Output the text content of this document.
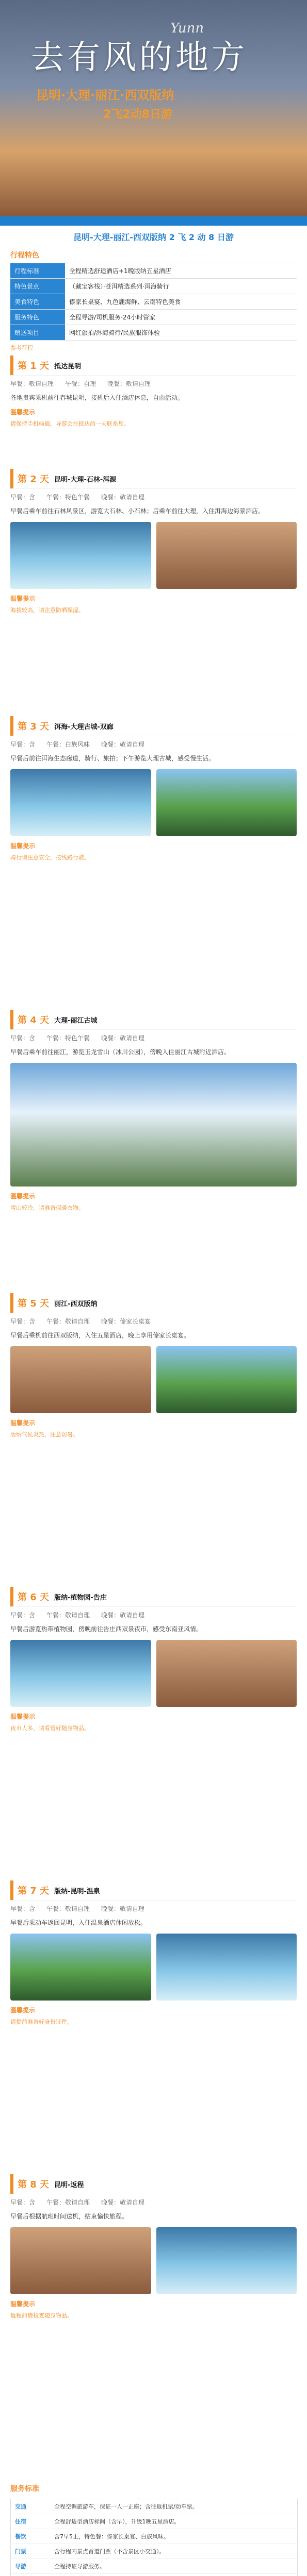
去有风的地方
Yunn
昆明·大理·丽江·西双版纳
2飞2动8日游
昆明-大理-丽江-西双版纳 2 飞 2 动 8 日游
行程特色
行程标准	全程精选舒适酒店+1晚版纳五星酒店
特色景点	（藏宝客栈）·苍洱精选系列·洱海骑行
美食特色	傣家长桌宴、九色鹿海鲜、云南特色美食
服务特色	全程导游/司机服务·24小时管家
赠送项目	网红旅拍/洱海骑行/民族服饰体验
参考行程
第 1 天 抵达昆明
早餐：敬请自理 午餐：自理 晚餐：敬请自理
各地贵宾乘机前往春城昆明，接机后入住酒店休息，自由活动。
温馨提示
请保持手机畅通，导游会在抵达前一天联系您。
第 2 天 昆明-大理-石林-洱源
早餐：含 午餐：特色午餐 晚餐：敬请自理
早餐后乘车前往石林风景区，游览大石林、小石林；后乘车前往大理，入住洱海边海景酒店。
温馨提示
海拔较高，请注意防晒保湿。
第 3 天 洱海-大理古城-双廊
早餐：含 午餐：白族风味 晚餐：敬请自理
早餐后前往洱海生态廊道，骑行、旅拍；下午游览大理古城，感受慢生活。
温馨提示
骑行请注意安全，按线路行驶。
第 4 天 大理-丽江古城
早餐：含 午餐：特色午餐 晚餐：敬请自理
早餐后乘车前往丽江，游览玉龙雪山（冰川公园），傍晚入住丽江古城附近酒店。
温馨提示
雪山较冷，请准备保暖衣物。
第 5 天 丽江-西双版纳
早餐：含 午餐：敬请自理 晚餐：傣家长桌宴
早餐后乘机前往西双版纳，入住五星酒店，晚上享用傣家长桌宴。
温馨提示
版纳气候炎热，注意防暑。
第 6 天 版纳-植物园-告庄
早餐：含 午餐：敬请自理 晚餐：敬请自理
早餐后游览热带植物园，傍晚前往告庄西双景夜市，感受东南亚风情。
温馨提示
夜市人多，请看管好随身物品。
第 7 天 版纳-昆明-温泉
早餐：含 午餐：敬请自理 晚餐：敬请自理
早餐后乘动车返回昆明，入住温泉酒店休闲放松。
温馨提示
请提前准备好身份证件。
第 8 天 昆明-返程
早餐：含 午餐：敬请自理 晚餐：敬请自理
早餐后根据航班时间送机，结束愉快旅程。
温馨提示
返程前请检查随身物品。
服务标准
交通	全程空调旅游车，保证一人一正座；含往返机票/动车票。
住宿	全程舒适型酒店标间（含早），升级1晚五星酒店。
餐饮	含7早5正，特色餐：傣家长桌宴、白族风味。
门票	含行程内景点首道门票（不含景区小交通）。
导游	全程持证导游服务。
